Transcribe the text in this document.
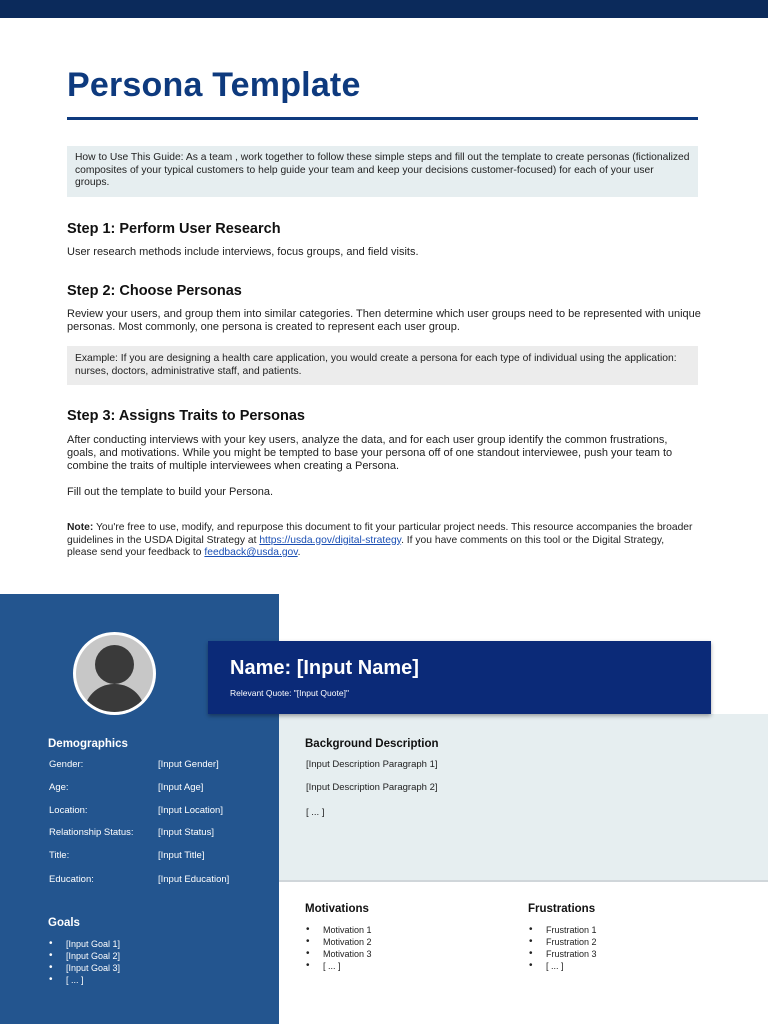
Persona Template
How to Use This Guide: As a team , work together to follow these simple steps and fill out the template to create personas (fictionalized composites of your typical customers to help guide your team and keep your decisions customer-focused) for each of your user groups.
Step 1: Perform User Research
User research methods include interviews, focus groups, and field visits.
Step 2: Choose Personas
Review your users, and group them into similar categories. Then determine which user groups need to be represented with unique personas. Most commonly, one persona is created to represent each user group.
Example: If you are designing a health care application, you would create a persona for each type of individual using the application: nurses, doctors, administrative staff, and patients.
Step 3: Assigns Traits to Personas
After conducting interviews with your key users, analyze the data, and for each user group identify the common frustrations, goals, and motivations. While you might be tempted to base your persona off of one standout interviewee, push your team to combine the traits of multiple interviewees when creating a Persona.
Fill out the template to build your Persona.
Note: You're free to use, modify, and repurpose this document to fit your particular project needs. This resource accompanies the broader guidelines in the USDA Digital Strategy at https://usda.gov/digital-strategy. If you have comments on this tool or the Digital Strategy, please send your feedback to feedback@usda.gov.
Name: [Input Name]
Relevant Quote: "[Input Quote]"
Demographics
Gender:	[Input Gender]
Age:	[Input Age]
Location:	[Input Location]
Relationship Status:	[Input Status]
Title:	[Input Title]
Education:	[Input Education]
Goals
• [Input Goal 1]
• [Input Goal 2]
• [Input Goal 3]
• [ ... ]
Background Description
[Input Description Paragraph 1]
[Input Description Paragraph 2]
[ ... ]
Motivations
• Motivation 1
• Motivation 2
• Motivation 3
• [ ... ]
Frustrations
• Frustration 1
• Frustration 2
• Frustration 3
• [ ... ]
